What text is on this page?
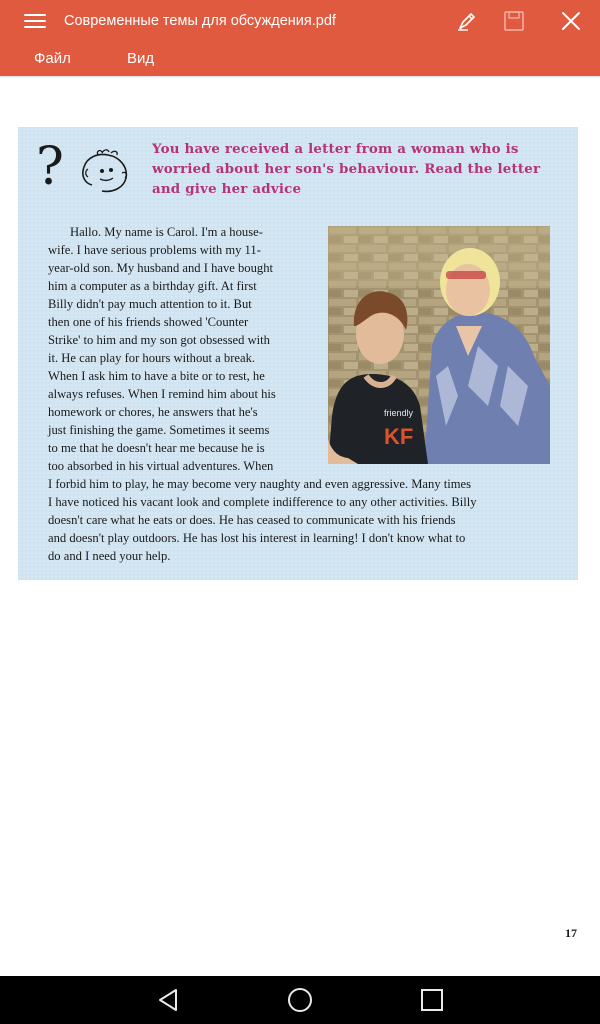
Современные темы для обсуждения.pdf
Файл	Вид
?	You have received a letter from a woman who is worried about her son's behaviour. Read the letter and give her advice
friendly
KF
Hallo. My name is Carol. I'm a house-
wife. I have serious problems with my 11-
year-old son. My husband and I have bought
him a computer as a birthday gift. At first
Billy didn't pay much attention to it. But
then one of his friends showed 'Counter
Strike' to him and my son got obsessed with
it. He can play for hours without a break.
When I ask him to have a bite or to rest, he
always refuses. When I remind him about his
homework or chores, he answers that he's
just finishing the game. Sometimes it seems
to me that he doesn't hear me because he is
too absorbed in his virtual adventures. When
I forbid him to play, he may become very naughty and even aggressive. Many times
I have noticed his vacant look and complete indifference to any other activities. Billy
doesn't care what he eats or does. He has ceased to communicate with his friends
and doesn't play outdoors. He has lost his interest in learning! I don't know what to
do and I need your help.
17
